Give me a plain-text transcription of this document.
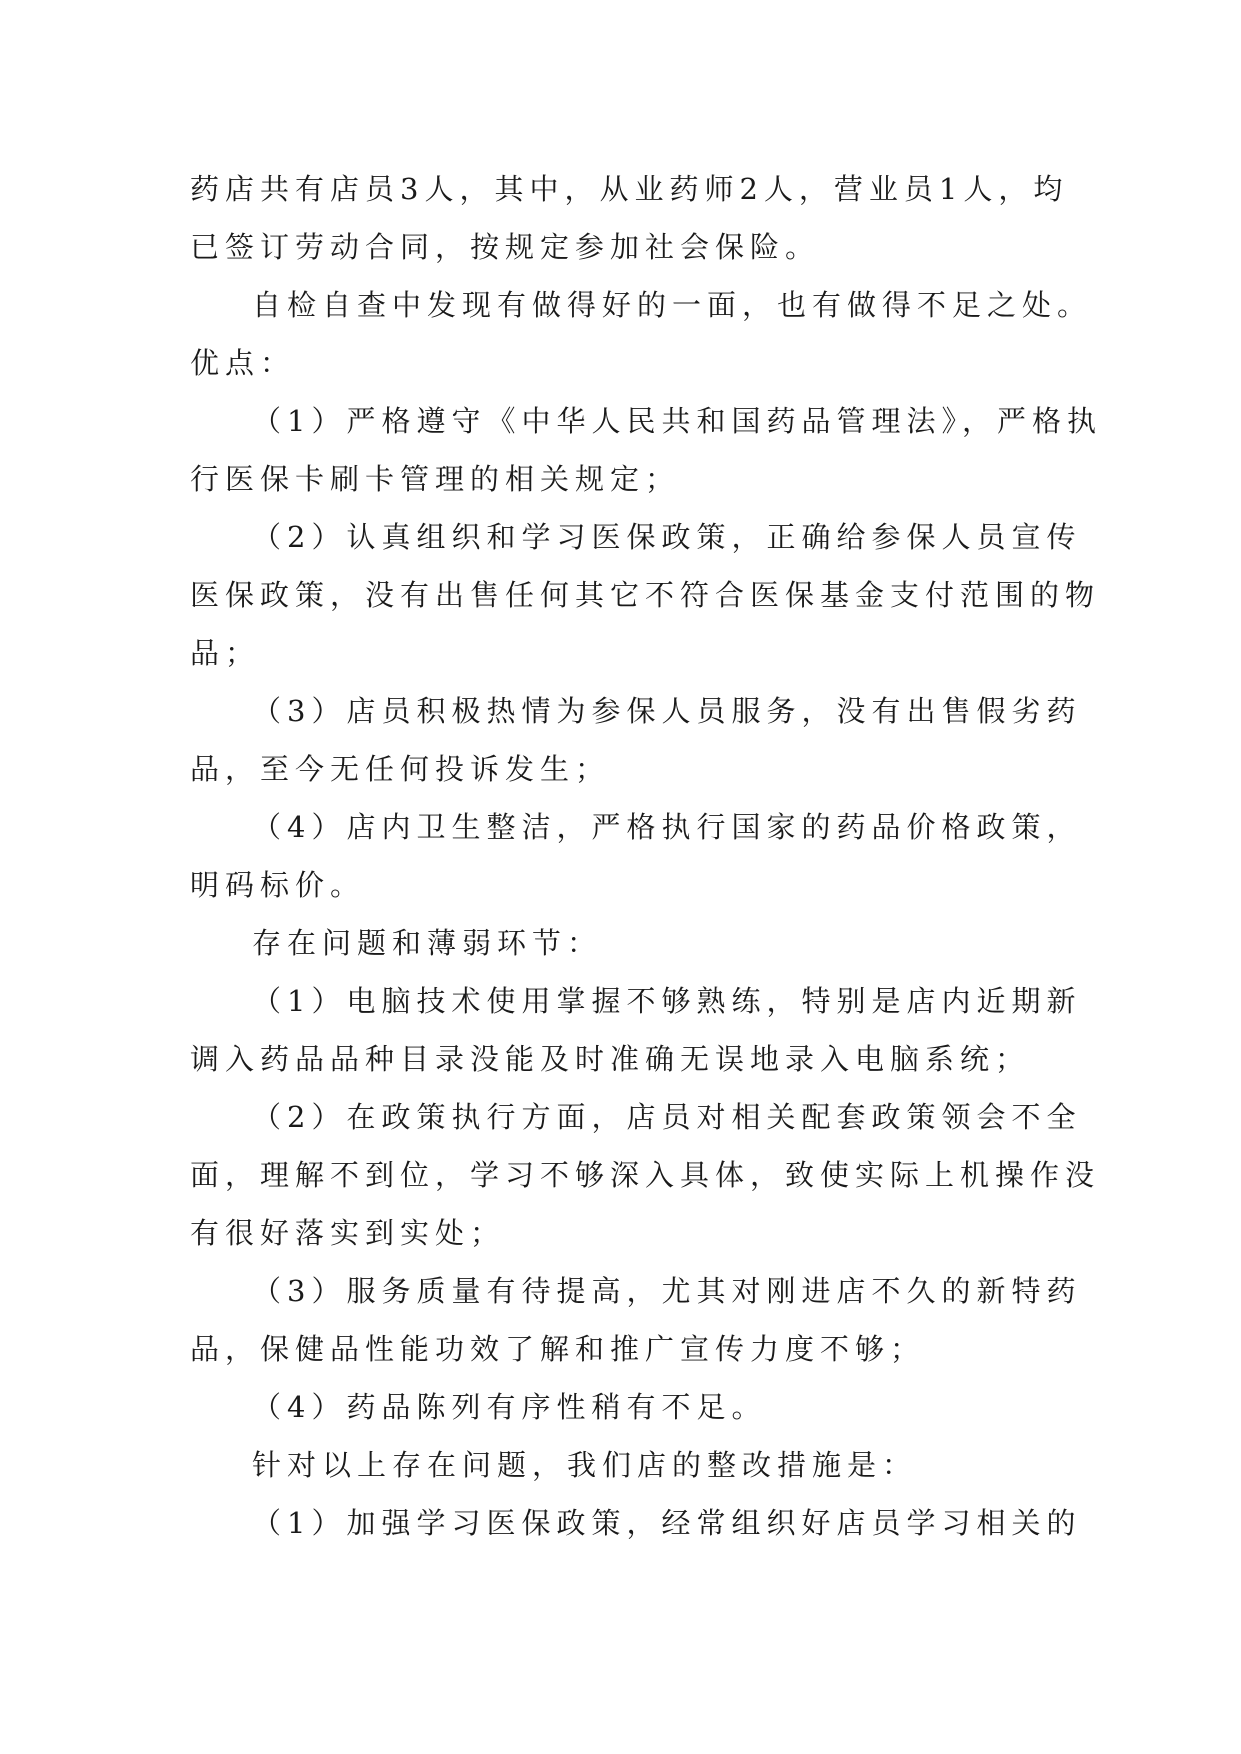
药店共有店员3人，其中，从业药师2人，营业员1人，均
已签订劳动合同，按规定参加社会保险。
自检自查中发现有做得好的一面，也有做得不足之处。
优点：
（1）严格遵守《中华人民共和国药品管理法》，严格执
行医保卡刷卡管理的相关规定；
（2）认真组织和学习医保政策，正确给参保人员宣传
医保政策，没有出售任何其它不符合医保基金支付范围的物
品；
（3）店员积极热情为参保人员服务，没有出售假劣药
品，至今无任何投诉发生；
（4）店内卫生整洁，严格执行国家的药品价格政策，
明码标价。
存在问题和薄弱环节：
（1）电脑技术使用掌握不够熟练，特别是店内近期新
调入药品品种目录没能及时准确无误地录入电脑系统；
（2）在政策执行方面，店员对相关配套政策领会不全
面，理解不到位，学习不够深入具体，致使实际上机操作没
有很好落实到实处；
（3）服务质量有待提高，尤其对刚进店不久的新特药
品，保健品性能功效了解和推广宣传力度不够；
（4）药品陈列有序性稍有不足。
针对以上存在问题，我们店的整改措施是：
（1）加强学习医保政策，经常组织好店员学习相关的
